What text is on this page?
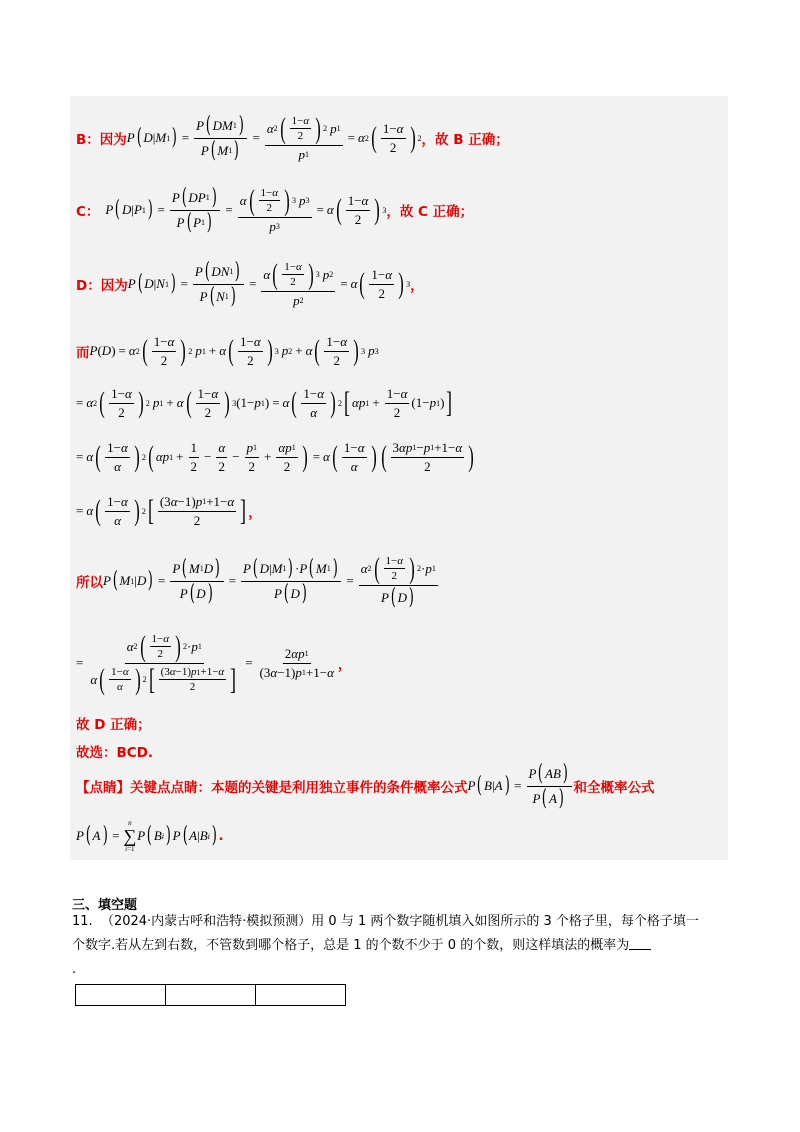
B：因为 P ( D | M 1 ) = $\frac{P ( DM 1 )}{P ( M 1 )} = \frac{\alpha 2 ( \frac{1- \alpha}{2} ) 2 p 1}{p 1} = \alpha$ 2 ( $\frac{1- \alpha}{2}$ ) 2 ，故 B 正确；
C： P ( D | P 1 ) = $\frac{P ( DP 1 )}{P ( P 1 )} = \frac{\alpha ( \frac{1- \alpha}{2} ) 3 p 3}{p 3} = \alpha$ ( $\frac{1- \alpha}{2}$ ) 3 ，故 C 正确；
D：因为 P ( D | N 1 ) = $\frac{P ( DN 1 )}{P ( N 1 )} = \frac{\alpha ( \frac{1- \alpha}{2} ) 3 p 2}{p 2} = \alpha$ ( $\frac{1- \alpha}{2}$ ) 3 ，
而 P ( D ) = α 2 ( $\frac{1- \alpha}{2}$ ) 2 p 1 + α ( $\frac{1- \alpha}{2}$ ) 3 p 2 + α ( $\frac{1- \alpha}{2}$ ) 3 p 3
= α 2 ( $\frac{1- \alpha}{2}$ ) 2 p 1 + α ( $\frac{1- \alpha}{2}$ ) 3 (1− p 1 ) = α ( $\frac{1- \alpha}{\alpha}$ ) 2 [ αp $1 + \frac{1- \alpha}{2} (1- p$ 1 ) ]
= α ( $\frac{1- \alpha}{\alpha}$ ) 2 ( αp $1 + \frac{1}{2} - \frac{\alpha}{2} - \frac{p 1}{2} + \frac{\alpha p 1}{2}$ ) = α ( $\frac{1- \alpha}{\alpha}$ ) ( $\frac{3 \alpha p 1 - p 1 +1- \alpha}{2}$ )
= α ( $\frac{1- \alpha}{\alpha}$ ) 2 [ $\frac{(3 \alpha -1) p 1 +1- \alpha}{2}$ ] ，
所以 P ( M 1 | D ) = $\frac{P ( M 1 D )}{P ( D )} = \frac{P ( D | M 1 ) \cdot P ( M 1 )}{P ( D )} = \frac{\alpha 2 ( \frac{1- \alpha}{2} ) 2 \cdot p 1}{P ( D )}$
= $\frac{\alpha 2 ( \frac{1- \alpha}{2} ) 2 \cdot p 1}{\alpha ( \frac{1- \alpha}{\alpha} ) 2 [ \frac{(3 \alpha -1) p 1 +1- \alpha}{2} ]} = \frac{2 \alpha p 1}{(3 \alpha -1) p 1 +1- \alpha}$ ，
故 D 正确；
故选：BCD.
【点睛】 关键点点睛：本题的关键是利用独立事件的条件概率公式 P ( B | A ) = $\frac{P ( AB )}{P ( A )}$ 和全概率公式
P ( A ) =
n
∑
i=1
P ( B i ) P ( A | B i ) .
三、填空题
11. （2024·内蒙古呼和浩特·模拟预测）用 0 与 1 两个数字随机填入如图所示的 3 个格子里，每个格子填一
个数字.若从左到右数，不管数到哪个格子，总是 1 的个数不少于 0 的个数，则这样填法的概率为
.
